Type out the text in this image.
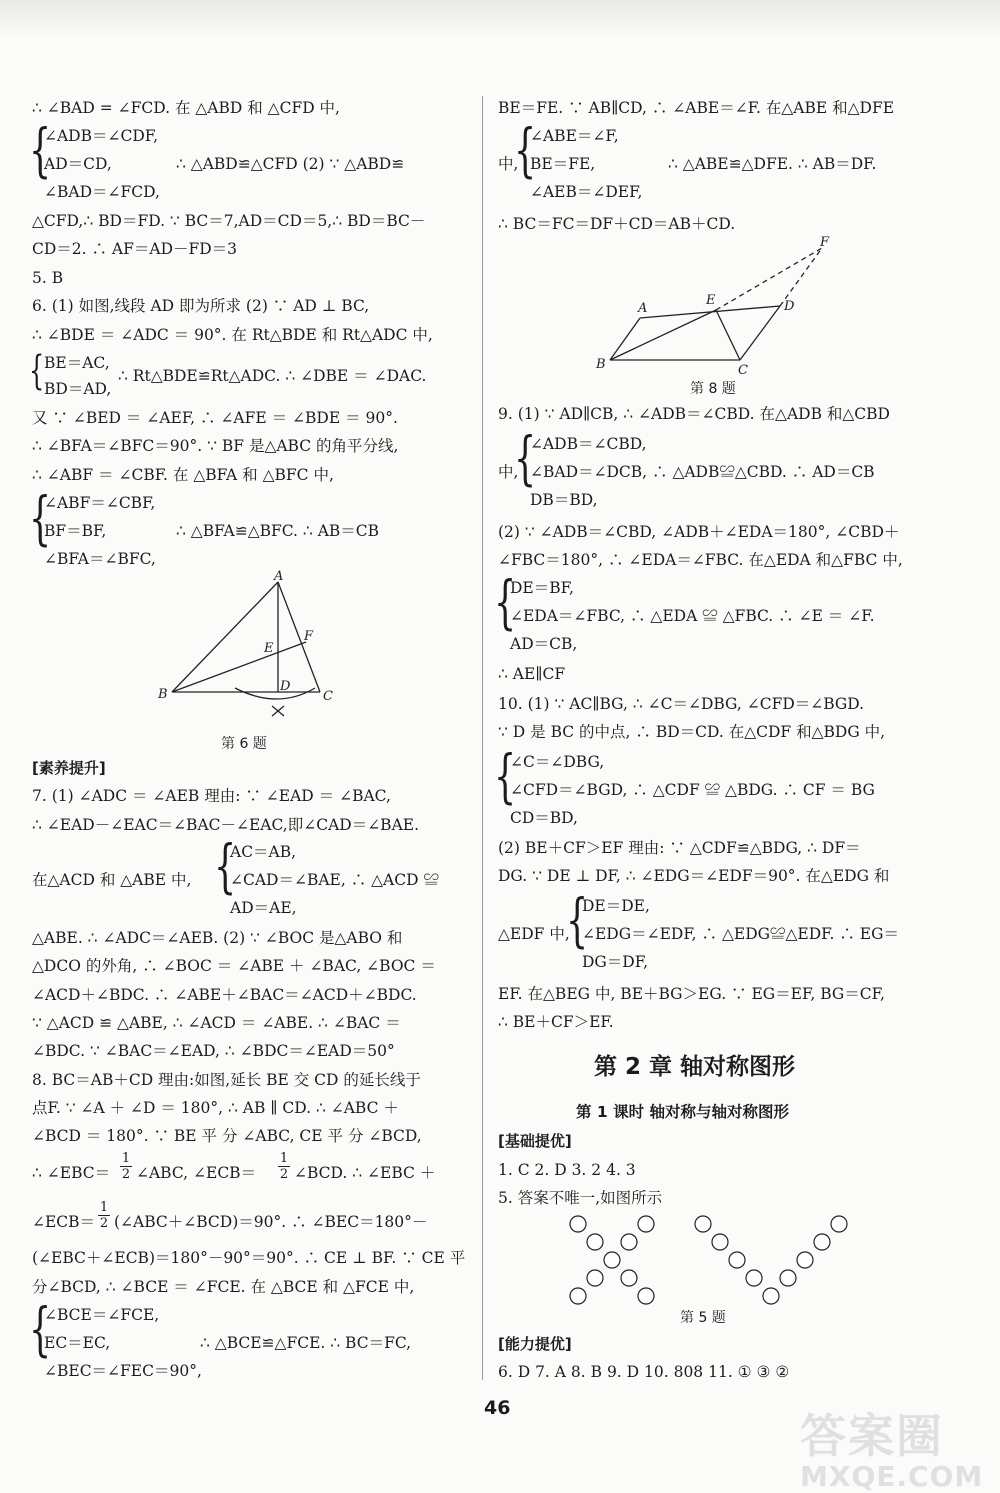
∴ ∠BAD = ∠FCD. 在 △ABD 和 △CFD 中,
{
∠ADB＝∠CDF,
AD＝CD,	∴ △ABD≌△CFD (2) ∵ △ABD≌
∠BAD＝∠FCD,
△CFD,∴ BD＝FD. ∵ BC＝7,AD＝CD＝5,∴ BD＝BC－
CD＝2. ∴ AF＝AD－FD＝3
5. B
6. (1) 如图,线段 AD 即为所求 (2) ∵ AD ⊥ BC,
∴ ∠BDE ＝ ∠ADC ＝ 90°. 在 Rt△BDE 和 Rt△ADC 中,
{ BE＝AC,
BD＝AD,
∴ Rt△BDE≌Rt△ADC. ∴ ∠DBE ＝ ∠DAC.
又 ∵ ∠BED ＝ ∠AEF, ∴ ∠AFE ＝ ∠BDE ＝ 90°.
∴ ∠BFA＝∠BFC＝90°. ∵ BF 是△ABC 的角平分线,
∴ ∠ABF ＝ ∠CBF. 在 △BFA 和 △BFC 中,
{
∠ABF＝∠CBF,
BF＝BF,	∴ △BFA≌△BFC. ∴ AB＝CB
∠BFA＝∠BFC,
A
E
F
B
D
C
第 6 题
[素养提升]
7. (1) ∠ADC ＝ ∠AEB 理由: ∵ ∠EAD ＝ ∠BAC,
∴ ∠EAD－∠EAC＝∠BAC－∠EAC,即∠CAD＝∠BAE.
{
AC＝AB,
在△ACD 和 △ABE 中, ∠CAD＝∠BAE, ∴ △ACD ≌
AD＝AE,
△ABE. ∴ ∠ADC＝∠AEB. (2) ∵ ∠BOC 是△ABO 和
△DCO 的外角, ∴ ∠BOC ＝ ∠ABE ＋ ∠BAC, ∠BOC ＝
∠ACD＋∠BDC. ∴ ∠ABE＋∠BAC＝∠ACD＋∠BDC.
∵ △ACD ≌ △ABE, ∴ ∠ACD ＝ ∠ABE. ∴ ∠BAC ＝
∠BDC. ∵ ∠BAC＝∠EAD, ∴ ∠BDC＝∠EAD＝50°
8. BC＝AB＋CD 理由:如图,延长 BE 交 CD 的延长线于
点F. ∵ ∠A ＋ ∠D ＝ 180°, ∴ AB ∥ CD. ∴ ∠ABC ＋
∠BCD ＝ 180°. ∵ BE 平 分 ∠ABC, CE 平 分 ∠BCD,
∴ ∠EBC＝ $\frac{1}{2}$ ∠ABC, ∠ECB＝ $\frac{1}{2}$ ∠BCD. ∴ ∠EBC ＋
∠ECB＝ $\frac{1}{2}$ (∠ABC＋∠BCD)＝90°. ∴ ∠BEC＝180°－
(∠EBC＋∠ECB)＝180°－90°＝90°. ∴ CE ⊥ BF. ∵ CE 平
分∠BCD, ∴ ∠BCE ＝ ∠FCE. 在 △BCE 和 △FCE 中,
{
∠BCE＝∠FCE,
EC＝EC,	∴ △BCE≌△FCE. ∴ BC＝FC,
∠BEC＝∠FEC＝90°,
BE＝FE. ∵ AB∥CD, ∴ ∠ABE＝∠F. 在△ABE 和△DFE
{
∠ABE＝∠F,
中, BE＝FE,	∴ △ABE≌△DFE. ∴ AB＝DF.
∠AEB＝∠DEF,
∴ BC＝FC＝DF＋CD＝AB＋CD.
A
E	D
F
B	C
第 8 题
9. (1) ∵ AD∥CB, ∴ ∠ADB＝∠CBD. 在△ADB 和△CBD
{
∠ADB＝∠CBD,
中, ∠BAD＝∠DCB, ∴ △ADB≌△CBD. ∴ AD＝CB
DB＝BD,
(2) ∵ ∠ADB＝∠CBD, ∠ADB＋∠EDA＝180°, ∠CBD＋
∠FBC＝180°, ∴ ∠EDA＝∠FBC. 在△EDA 和△FBC 中,
{
DE＝BF,
∠EDA＝∠FBC, ∴ △EDA ≌ △FBC. ∴ ∠E ＝ ∠F.
AD＝CB,
∴ AE∥CF
10. (1) ∵ AC∥BG, ∴ ∠C＝∠DBG, ∠CFD＝∠BGD.
∵ D 是 BC 的中点, ∴ BD＝CD. 在△CDF 和△BDG 中,
{
∠C＝∠DBG,
∠CFD＝∠BGD, ∴ △CDF ≌ △BDG. ∴ CF ＝ BG
CD＝BD,
(2) BE＋CF＞EF 理由: ∵ △CDF≌△BDG, ∴ DF＝
DG. ∵ DE ⊥ DF, ∴ ∠EDG＝∠EDF＝90°. 在△EDG 和
{
DE＝DE,
△EDF 中, ∠EDG＝∠EDF, ∴ △EDG≌△EDF. ∴ EG＝
DG＝DF,
EF. 在△BEG 中, BE＋BG＞EG. ∵ EG＝EF, BG＝CF,
∴ BE＋CF＞EF.
第 2 章 轴对称图形
第 1 课时 轴对称与轴对称图形
[基础提优]
1. C 2. D 3. 2 4. 3
5. 答案不唯一,如图所示
第 5 题
[能力提优]
6. D 7. A 8. B 9. D 10. 808 11. ① ③ ②
46
答案圈
MXQE.COM
